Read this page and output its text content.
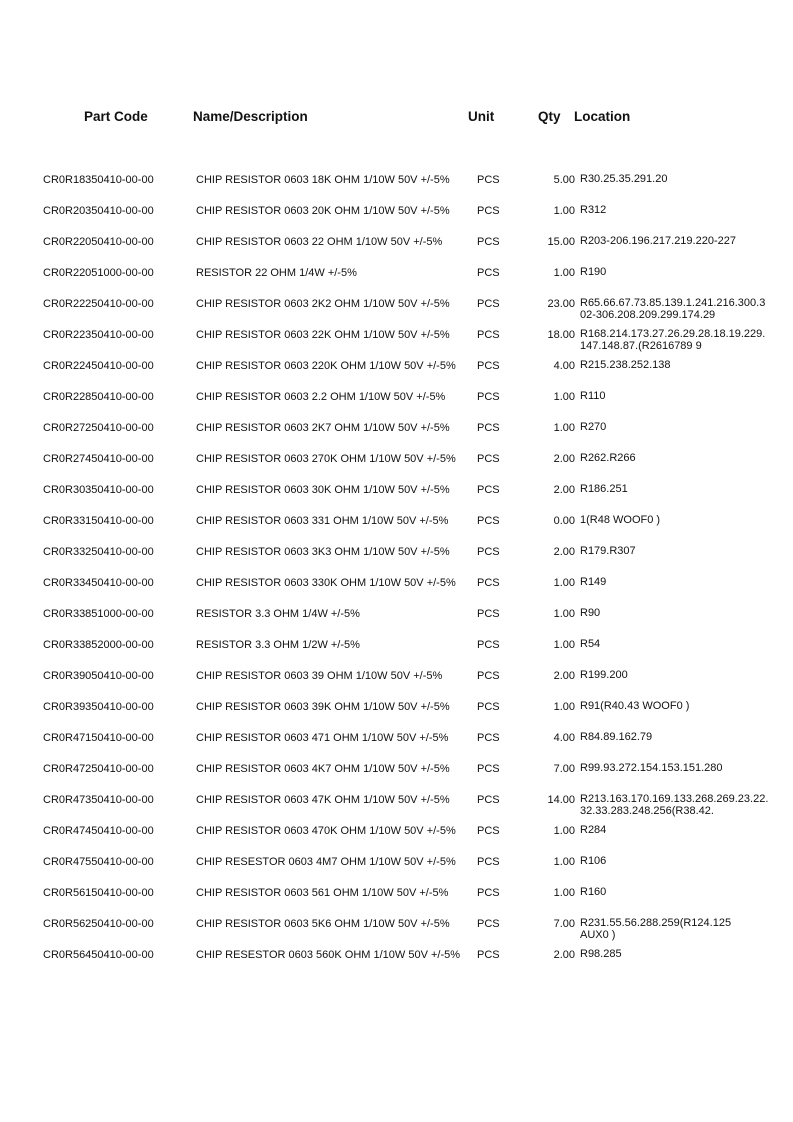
Part Code	Name/Description	Unit	Qty Location
CR0R18350410-00-00	CHIP RESISTOR 0603 18K OHM 1/10W 50V +/-5% PCS	5.00 R30.25.35.291.20
CR0R20350410-00-00	CHIP RESISTOR 0603 20K OHM 1/10W 50V +/-5% PCS	1.00 R312
CR0R22050410-00-00	CHIP RESISTOR 0603 22 OHM 1/10W 50V +/-5%	PCS	15.00 R203-206.196.217.219.220-227
CR0R22051000-00-00	RESISTOR 22 OHM 1/4W +/-5%	PCS	1.00 R190
CR0R22250410-00-00	CHIP RESISTOR 0603 2K2 OHM 1/10W 50V +/-5% PCS	23.00 R65.66.67.73.85.139.1.241.216.300.3
02-306.208.209.299.174.29
CR0R22350410-00-00	CHIP RESISTOR 0603 22K OHM 1/10W 50V +/-5% PCS	18.00 R168.214.173.27.26.29.28.18.19.229.
147.148.87.(R2616789 9
CR0R22450410-00-00	CHIP RESISTOR 0603 220K OHM 1/10W 50V +/-5% PCS	4.00 R215.238.252.138
CR0R22850410-00-00	CHIP RESISTOR 0603 2.2 OHM 1/10W 50V +/-5%	PCS	1.00 R110
CR0R27250410-00-00	CHIP RESISTOR 0603 2K7 OHM 1/10W 50V +/-5% PCS	1.00 R270
CR0R27450410-00-00	CHIP RESISTOR 0603 270K OHM 1/10W 50V +/-5% PCS	2.00 R262.R266
CR0R30350410-00-00	CHIP RESISTOR 0603 30K OHM 1/10W 50V +/-5% PCS	2.00 R186.251
CR0R33150410-00-00	CHIP RESISTOR 0603 331 OHM 1/10W 50V +/-5%	PCS	0.00 1(R48 WOOF0 )
CR0R33250410-00-00	CHIP RESISTOR 0603 3K3 OHM 1/10W 50V +/-5% PCS	2.00 R179.R307
CR0R33450410-00-00	CHIP RESISTOR 0603 330K OHM 1/10W 50V +/-5% PCS	1.00 R149
CR0R33851000-00-00	RESISTOR 3.3 OHM 1/4W +/-5%	PCS	1.00 R90
CR0R33852000-00-00	RESISTOR 3.3 OHM 1/2W +/-5%	PCS	1.00 R54
CR0R39050410-00-00	CHIP RESISTOR 0603 39 OHM 1/10W 50V +/-5%	PCS	2.00 R199.200
CR0R39350410-00-00	CHIP RESISTOR 0603 39K OHM 1/10W 50V +/-5% PCS	1.00 R91(R40.43 WOOF0 )
CR0R47150410-00-00	CHIP RESISTOR 0603 471 OHM 1/10W 50V +/-5%	PCS	4.00 R84.89.162.79
CR0R47250410-00-00	CHIP RESISTOR 0603 4K7 OHM 1/10W 50V +/-5% PCS	7.00 R99.93.272.154.153.151.280
CR0R47350410-00-00	CHIP RESISTOR 0603 47K OHM 1/10W 50V +/-5% PCS	14.00 R213.163.170.169.133.268.269.23.22.
32.33.283.248.256(R38.42.
CR0R47450410-00-00	CHIP RESISTOR 0603 470K OHM 1/10W 50V +/-5% PCS	1.00 R284
CR0R47550410-00-00	CHIP RESESTOR 0603 4M7 OHM 1/10W 50V +/-5% PCS	1.00 R106
CR0R56150410-00-00	CHIP RESISTOR 0603 561 OHM 1/10W 50V +/-5%	PCS	1.00 R160
CR0R56250410-00-00	CHIP RESISTOR 0603 5K6 OHM 1/10W 50V +/-5% PCS	7.00 R231.55.56.288.259(R124.125
AUX0 )
CR0R56450410-00-00	CHIP RESESTOR 0603 560K OHM 1/10W 50V +/-5% PCS	2.00 R98.285
